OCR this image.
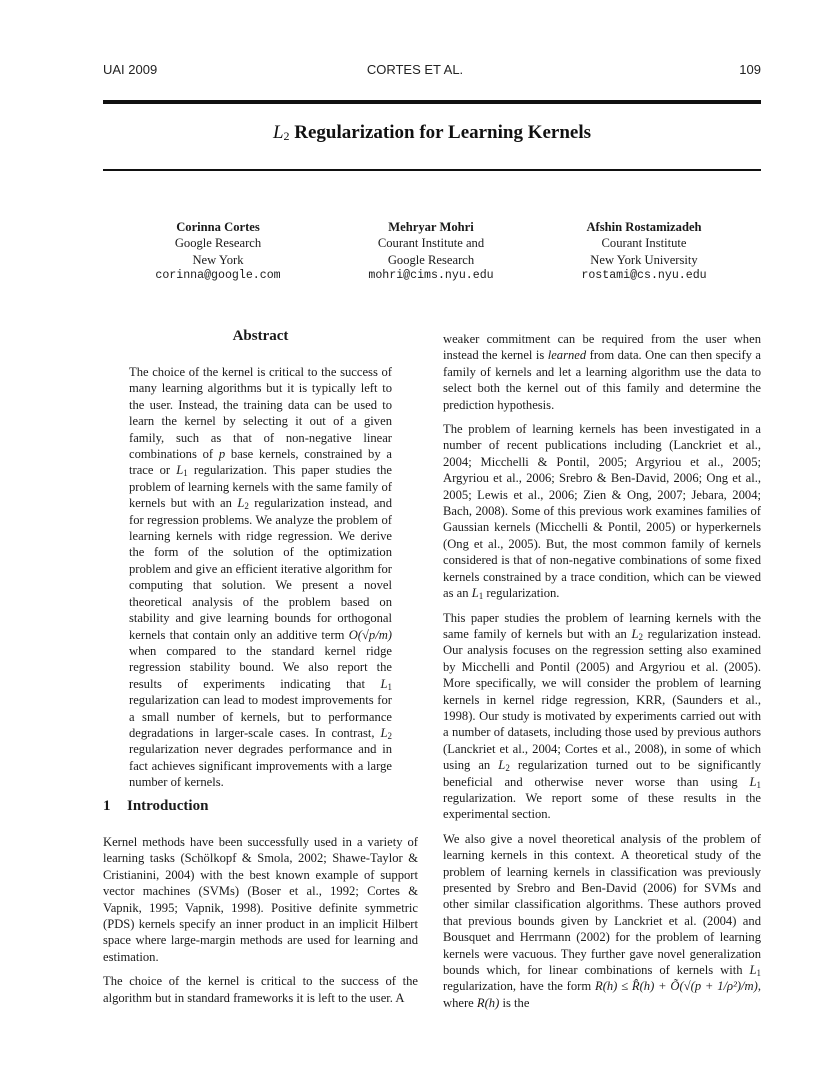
UAI 2009	CORTES ET AL.	109
$L_2$ Regularization for Learning Kernels
Corinna Cortes
Google Research
New York
corinna@google.com
Mehryar Mohri
Courant Institute and
Google Research
mohri@cims.nyu.edu
Afshin Rostamizadeh
Courant Institute
New York University
rostami@cs.nyu.edu
Abstract

The choice of the kernel is critical to the success of many learning algorithms but it is typically left to the user. Instead, the training data can be used to learn the kernel by selecting it out of a given family, such as that of non-negative linear combinations of p base kernels, constrained by a trace or $L_1$ regularization. This paper studies the problem of learning kernels with the same family of kernels but with an $L_2$ regularization instead, and for regression problems. We analyze the problem of learning kernels with ridge regression. We derive the form of the solution of the optimization problem and give an efficient iterative algorithm for computing that solution. We present a novel theoretical analysis of the problem based on stability and give learning bounds for orthogonal kernels that contain only an additive term O(√p/m) when compared to the standard kernel ridge regression stability bound. We also report the results of experiments indicating that $L_1$ regularization can lead to modest improvements for a small number of kernels, but to performance degradations in larger-scale cases. In contrast, $L_2$ regularization never degrades performance and in fact achieves significant improvements with a large number of kernels.

1 Introduction

Kernel methods have been successfully used in a variety of learning tasks (Schölkopf & Smola, 2002; Shawe-Taylor & Cristianini, 2004) with the best known example of support vector machines (SVMs) (Boser et al., 1992; Cortes & Vapnik, 1995; Vapnik, 1998). Positive definite symmetric (PDS) kernels specify an inner product in an implicit Hilbert space where large-margin methods are used for learning and estimation.

The choice of the kernel is critical to the success of the algorithm but in standard frameworks it is left to the user. A

weaker commitment can be required from the user when instead the kernel is learned from data. One can then specify a family of kernels and let a learning algorithm use the data to select both the kernel out of this family and determine the prediction hypothesis.

The problem of learning kernels has been investigated in a number of recent publications including (Lanckriet et al., 2004; Micchelli & Pontil, 2005; Argyriou et al., 2005; Argyriou et al., 2006; Srebro & Ben-David, 2006; Ong et al., 2005; Lewis et al., 2006; Zien & Ong, 2007; Jebara, 2004; Bach, 2008). Some of this previous work examines families of Gaussian kernels (Micchelli & Pontil, 2005) or hyperkernels (Ong et al., 2005). But, the most common family of kernels considered is that of non-negative combinations of some fixed kernels constrained by a trace condition, which can be viewed as an $L_1$ regularization.

This paper studies the problem of learning kernels with the same family of kernels but with an $L_2$ regularization instead. Our analysis focuses on the regression setting also examined by Micchelli and Pontil (2005) and Argyriou et al. (2005). More specifically, we will consider the problem of learning kernels in kernel ridge regression, KRR, (Saunders et al., 1998). Our study is motivated by experiments carried out with a number of datasets, including those used by previous authors (Lanckriet et al., 2004; Cortes et al., 2008), in some of which using an $L_2$ regularization turned out to be significantly beneficial and otherwise never worse than using $L_1$ regularization. We report some of these results in the experimental section.

We also give a novel theoretical analysis of the problem of learning kernels in this context. A theoretical study of the problem of learning kernels in classification was previously presented by Srebro and Ben-David (2006) for SVMs and other similar classification algorithms. These authors proved that previous bounds given by Lanckriet et al. (2004) and Bousquet and Herrmann (2002) for the problem of learning kernels were vacuous. They further gave novel generalization bounds which, for linear combinations of kernels with $L_1$ regularization, have the form R(h) ≤ R̂(h) + Õ(√(p + 1/ρ²)/m), where R(h) is the
